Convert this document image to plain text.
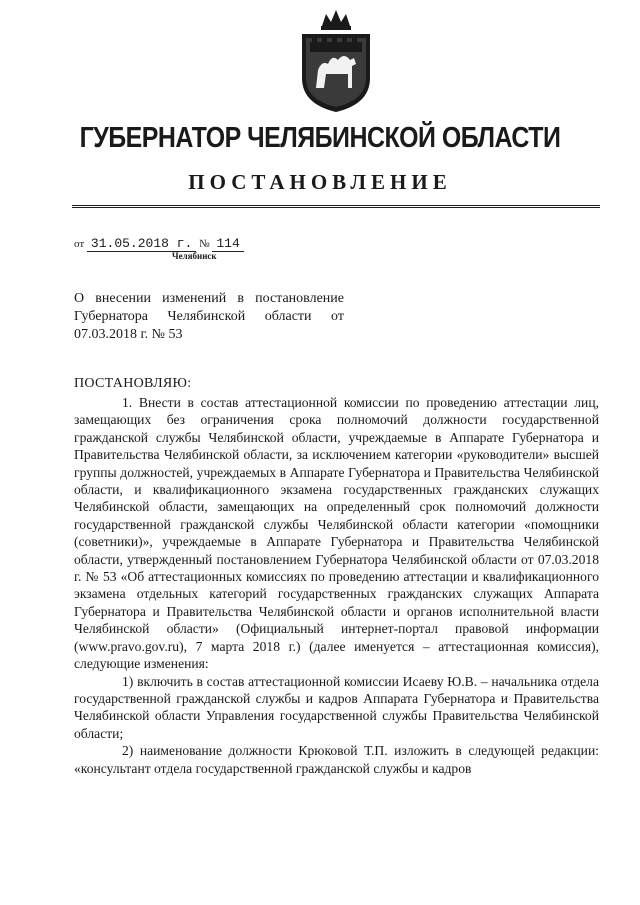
ГУБЕРНАТОР ЧЕЛЯБИНСКОЙ ОБЛАСТИ
ПОСТАНОВЛЕНИЕ
от 31.05.2018 г. № 114
Челябинск
О внесении изменений в постановление Губернатора Челябинской области от 07.03.2018 г. № 53
ПОСТАНОВЛЯЮ:

1. Внести в состав аттестационной комиссии по проведению аттестации лиц, замещающих без ограничения срока полномочий должности государственной гражданской службы Челябинской области, учреждаемые в Аппарате Губернатора и Правительства Челябинской области, за исключением категории «руководители» высшей группы должностей, учреждаемых в Аппарате Губернатора и Правительства Челябинской области, и квалификационного экзамена государственных гражданских служащих Челябинской области, замещающих на определенный срок полномочий должности государственной гражданской службы Челябинской области категории «помощники (советники)», учреждаемые в Аппарате Губернатора и Правительства Челябинской области, утвержденный постановлением Губернатора Челябинской области от 07.03.2018 г. № 53 «Об аттестационных комиссиях по проведению аттестации и квалификационного экзамена отдельных категорий государственных гражданских служащих Аппарата Губернатора и Правительства Челябинской области и органов исполнительной власти Челябинской области» (Официальный интернет-портал правовой информации (www.pravo.gov.ru), 7 марта 2018 г.) (далее именуется – аттестационная комиссия), следующие изменения:

1) включить в состав аттестационной комиссии Исаеву Ю.В. – начальника отдела государственной гражданской службы и кадров Аппарата Губернатора и Правительства Челябинской области Управления государственной службы Правительства Челябинской области;

2) наименование должности Крюковой Т.П. изложить в следующей редакции: «консультант отдела государственной гражданской службы и кадров
